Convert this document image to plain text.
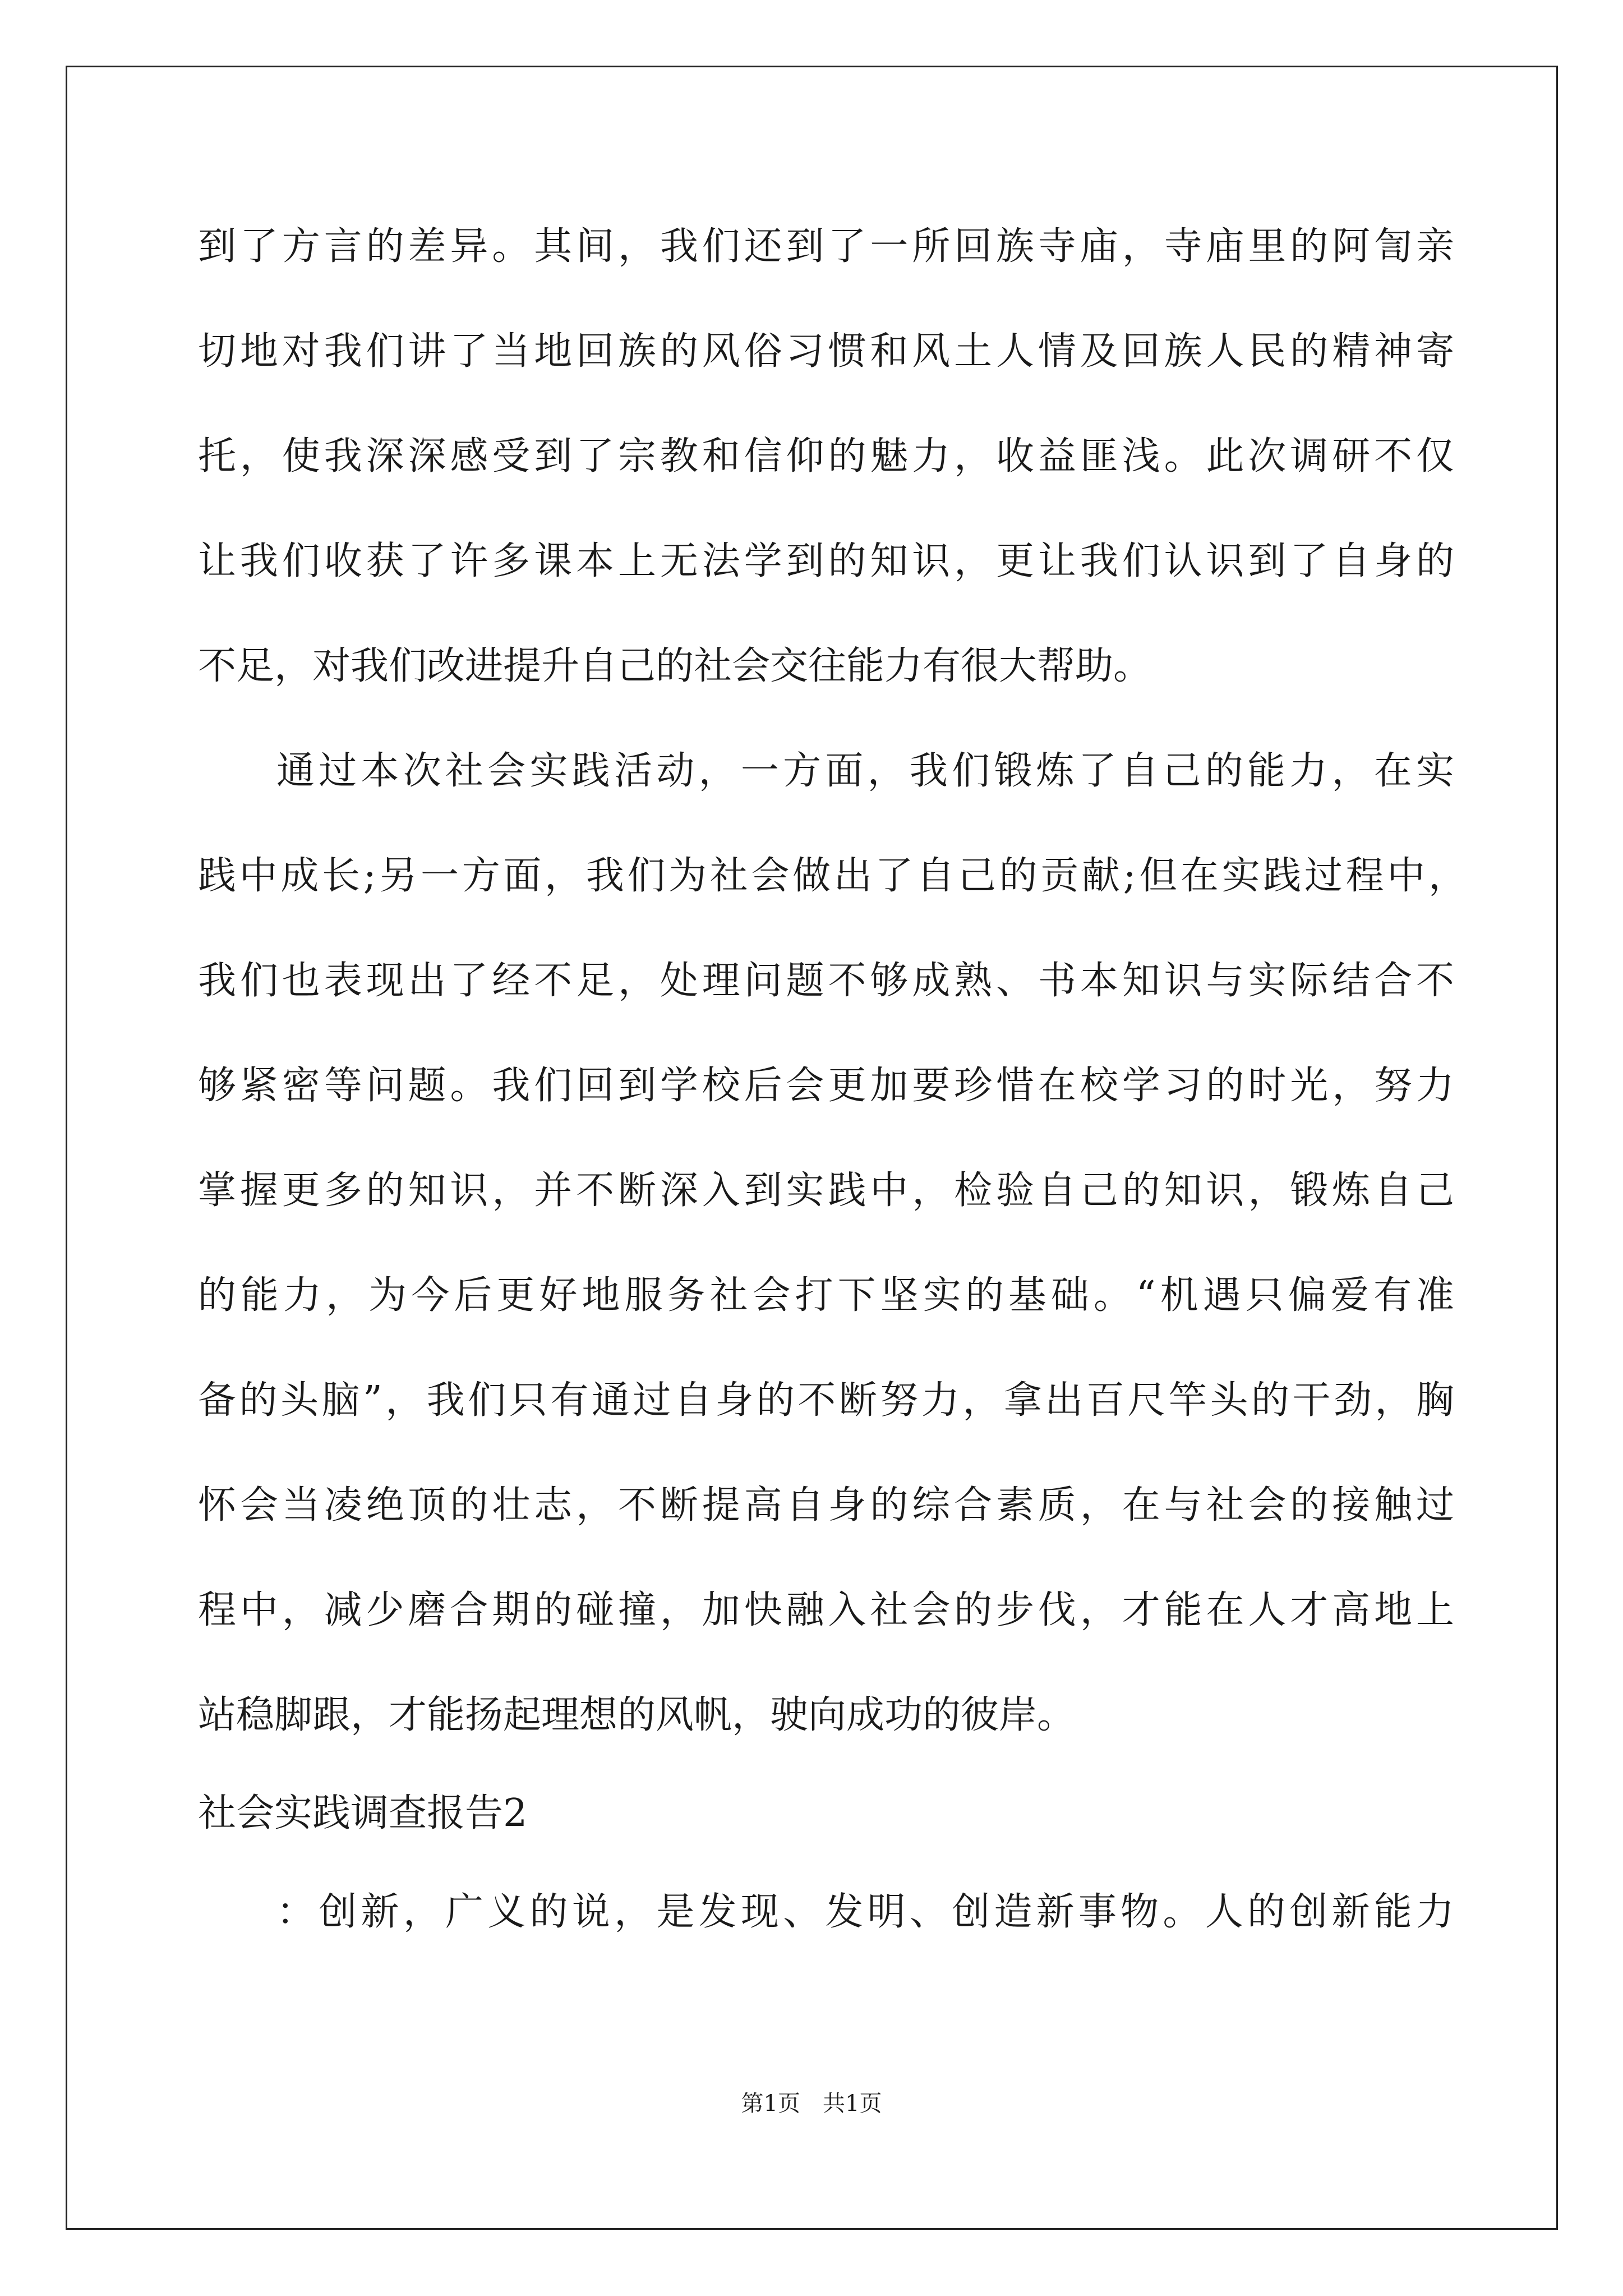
到了方言的差异。其间，我们还到了一所回族寺庙，寺庙里的阿訇亲
切地对我们讲了当地回族的风俗习惯和风土人情及回族人民的精神寄
托，使我深深感受到了宗教和信仰的魅力，收益匪浅。此次调研不仅
让我们收获了许多课本上无法学到的知识，更让我们认识到了自身的
不足，对我们改进提升自己的社会交往能力有很大帮助。
通过本次社会实践活动，一方面，我们锻炼了自己的能力，在实
践中成长;另一方面，我们为社会做出了自己的贡献;但在实践过程中，
我们也表现出了经不足，处理问题不够成熟、书本知识与实际结合不
够紧密等问题。我们回到学校后会更加要珍惜在校学习的时光，努力
掌握更多的知识，并不断深入到实践中，检验自己的知识，锻炼自己
的能力，为今后更好地服务社会打下坚实的基础。“机遇只偏爱有准
备的头脑”，我们只有通过自身的不断努力，拿出百尺竿头的干劲，胸
怀会当凌绝顶的壮志，不断提高自身的综合素质，在与社会的接触过
程中，减少磨合期的碰撞，加快融入社会的步伐，才能在人才高地上
站稳脚跟，才能扬起理想的风帆，驶向成功的彼岸。
社会实践调查报告2
：创新，广义的说，是发现、发明、创造新事物。人的创新能力
第1页　共1页
